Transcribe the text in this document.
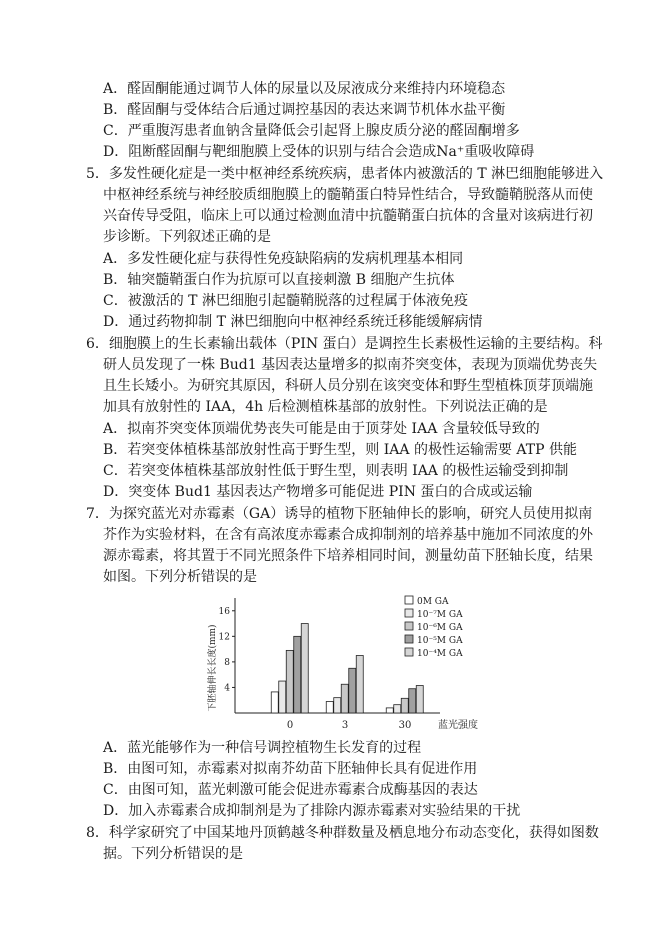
A．醛固酮能通过调节人体的尿量以及尿液成分来维持内环境稳态
B．醛固酮与受体结合后通过调控基因的表达来调节机体水盐平衡
C．严重腹泻患者血钠含量降低会引起肾上腺皮质分泌的醛固酮增多
D．阻断醛固酮与靶细胞膜上受体的识别与结合会造成Na⁺重吸收障碍
5．多发性硬化症是一类中枢神经系统疾病，患者体内被激活的 T 淋巴细胞能够进入
中枢神经系统与神经胶质细胞膜上的髓鞘蛋白特异性结合，导致髓鞘脱落从而使
兴奋传导受阻，临床上可以通过检测血清中抗髓鞘蛋白抗体的含量对该病进行初
步诊断。下列叙述正确的是
A．多发性硬化症与获得性免疫缺陷病的发病机理基本相同
B．轴突髓鞘蛋白作为抗原可以直接刺激 B 细胞产生抗体
C．被激活的 T 淋巴细胞引起髓鞘脱落的过程属于体液免疫
D．通过药物抑制 T 淋巴细胞向中枢神经系统迁移能缓解病情
6．细胞膜上的生长素输出载体（PIN 蛋白）是调控生长素极性运输的主要结构。科
研人员发现了一株 Bud1 基因表达量增多的拟南芥突变体，表现为顶端优势丧失
且生长矮小。为研究其原因，科研人员分别在该突变体和野生型植株顶芽顶端施
加具有放射性的 IAA，4h 后检测植株基部的放射性。下列说法正确的是
A．拟南芥突变体顶端优势丧失可能是由于顶芽处 IAA 含量较低导致的
B．若突变体植株基部放射性高于野生型，则 IAA 的极性运输需要 ATP 供能
C．若突变体植株基部放射性低于野生型，则表明 IAA 的极性运输受到抑制
D．突变体 Bud1 基因表达产物增多可能促进 PIN 蛋白的合成或运输
7．为探究蓝光对赤霉素（GA）诱导的植物下胚轴伸长的影响，研究人员使用拟南
芥作为实验材料，在含有高浓度赤霉素合成抑制剂的培养基中施加不同浓度的外
源赤霉素，将其置于不同光照条件下培养相同时间，测量幼苗下胚轴长度，结果
如图。下列分析错误的是
下胚轴伸长长度(mm) 4
8
12
16
0	3	30	蓝光强度
0M GA
10⁻⁷M GA
10⁻⁶M GA
10⁻⁵M GA
10⁻⁴M GA
A．蓝光能够作为一种信号调控植物生长发育的过程
B．由图可知，赤霉素对拟南芥幼苗下胚轴伸长具有促进作用
C．由图可知，蓝光刺激可能会促进赤霉素合成酶基因的表达
D．加入赤霉素合成抑制剂是为了排除内源赤霉素对实验结果的干扰
8．科学家研究了中国某地丹顶鹤越冬种群数量及栖息地分布动态变化，获得如图数
据。下列分析错误的是
